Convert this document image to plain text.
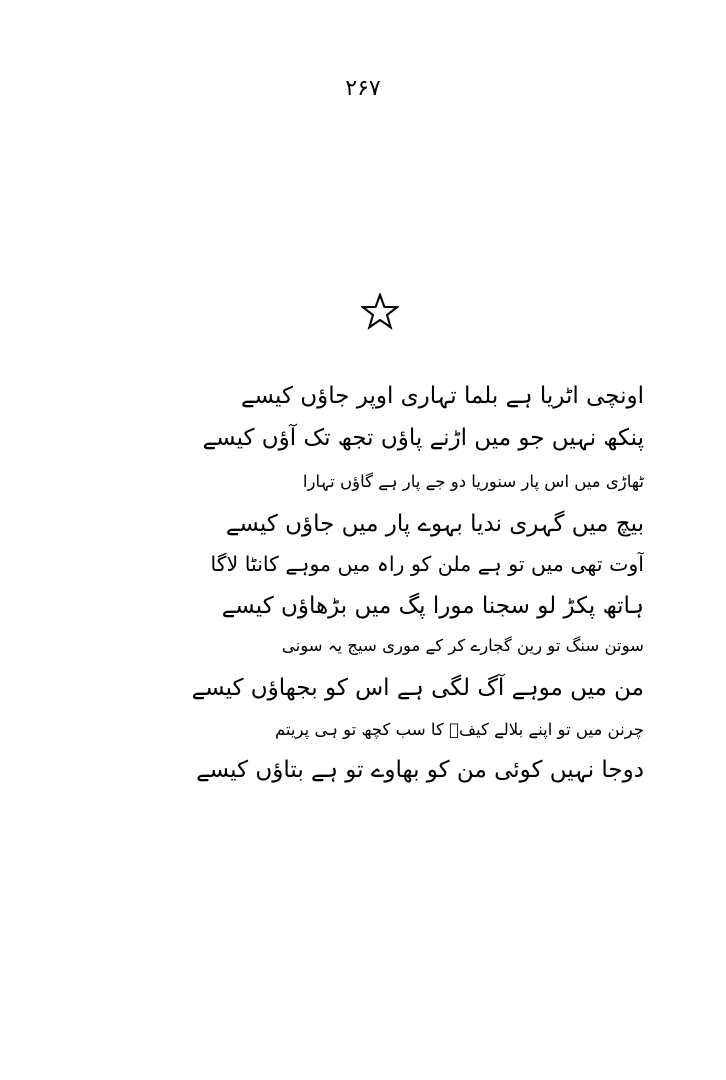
۲۶۷
اونچی اٹریا ہے بلما تہاری اوپر جاؤں کیسے
پنکھ نہیں جو میں اڑنے پاؤں تجھ تک آؤں کیسے
ٹھاڑی میں اس پار سنوریا دو جے پار ہے گاؤں تہارا
بیچ میں گہری ندیا بہوے پار میں جاؤں کیسے
آوت تھی میں تو ہے ملن کو راہ میں موہے کانٹا لاگا
ہاتھ پکڑ لو سجنا مورا پگ میں بڑھاؤں کیسے
سوتن سنگ تو رین گجارے کر کے موری سیج یہ سونی
من میں موہے آگ لگی ہے اس کو بجھاؤں کیسے
چرنن میں تو اپنے بلالے کیفؔ کا سب کچھ تو ہی پریتم
دوجا نہیں کوئی من کو بھاوے تو ہے بتاؤں کیسے
